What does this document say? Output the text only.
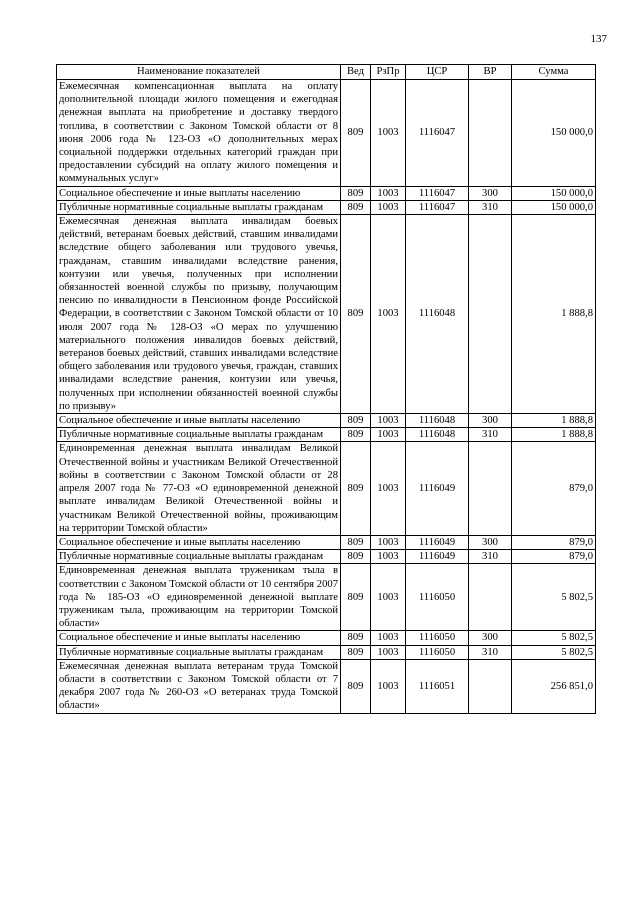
137
Наименование показателей	Вед	РзПр	ЦСР	ВР	Сумма
Ежемесячная компенсационная выплата на оплату дополнительной площади жилого помещения и ежегодная денежная выплата на приобретение и доставку твердого топлива, в соответствии с Законом Томской области от 8 июня 2006 года № 123-ОЗ «О дополнительных мерах социальной поддержки отдельных категорий граждан при предоставлении субсидий на оплату жилого помещения и коммунальных услуг»	809	1003	1116047		150 000,0
Социальное обеспечение и иные выплаты населению	809	1003	1116047	300	150 000,0
Публичные нормативные социальные выплаты гражданам	809	1003	1116047	310	150 000,0
Ежемесячная денежная выплата инвалидам боевых действий, ветеранам боевых действий, ставшим инвалидами вследствие общего заболевания или трудового увечья, гражданам, ставшим инвалидами вследствие ранения, контузии или увечья, полученных при исполнении обязанностей военной службы по призыву, получающим пенсию по инвалидности в Пенсионном фонде Российской Федерации, в соответствии с Законом Томской области от 10 июля 2007 года № 128-ОЗ «О мерах по улучшению материального положения инвалидов боевых действий, ветеранов боевых действий, ставших инвалидами вследствие общего заболевания или трудового увечья, граждан, ставших инвалидами вследствие ранения, контузии или увечья, полученных при исполнении обязанностей военной службы по призыву»	809	1003	1116048		1 888,8
Социальное обеспечение и иные выплаты населению	809	1003	1116048	300	1 888,8
Публичные нормативные социальные выплаты гражданам	809	1003	1116048	310	1 888,8
Единовременная денежная выплата инвалидам Великой Отечественной войны и участникам Великой Отечественной войны в соответствии с Законом Томской области от 28 апреля 2007 года № 77-ОЗ «О единовременной денежной выплате инвалидам Великой Отечественной войны и участникам Великой Отечественной войны, проживающим на территории Томской области»	809	1003	1116049		879,0
Социальное обеспечение и иные выплаты населению	809	1003	1116049	300	879,0
Публичные нормативные социальные выплаты гражданам	809	1003	1116049	310	879,0
Единовременная денежная выплата труженикам тыла в соответствии с Законом Томской области от 10 сентября 2007 года № 185-ОЗ «О единовременной денежной выплате труженикам тыла, проживающим на территории Томской области»	809	1003	1116050		5 802,5
Социальное обеспечение и иные выплаты населению	809	1003	1116050	300	5 802,5
Публичные нормативные социальные выплаты гражданам	809	1003	1116050	310	5 802,5
Ежемесячная денежная выплата ветеранам труда Томской области в соответствии с Законом Томской области от 7 декабря 2007 года № 260-ОЗ «О ветеранах труда Томской области»	809	1003	1116051		256 851,0
